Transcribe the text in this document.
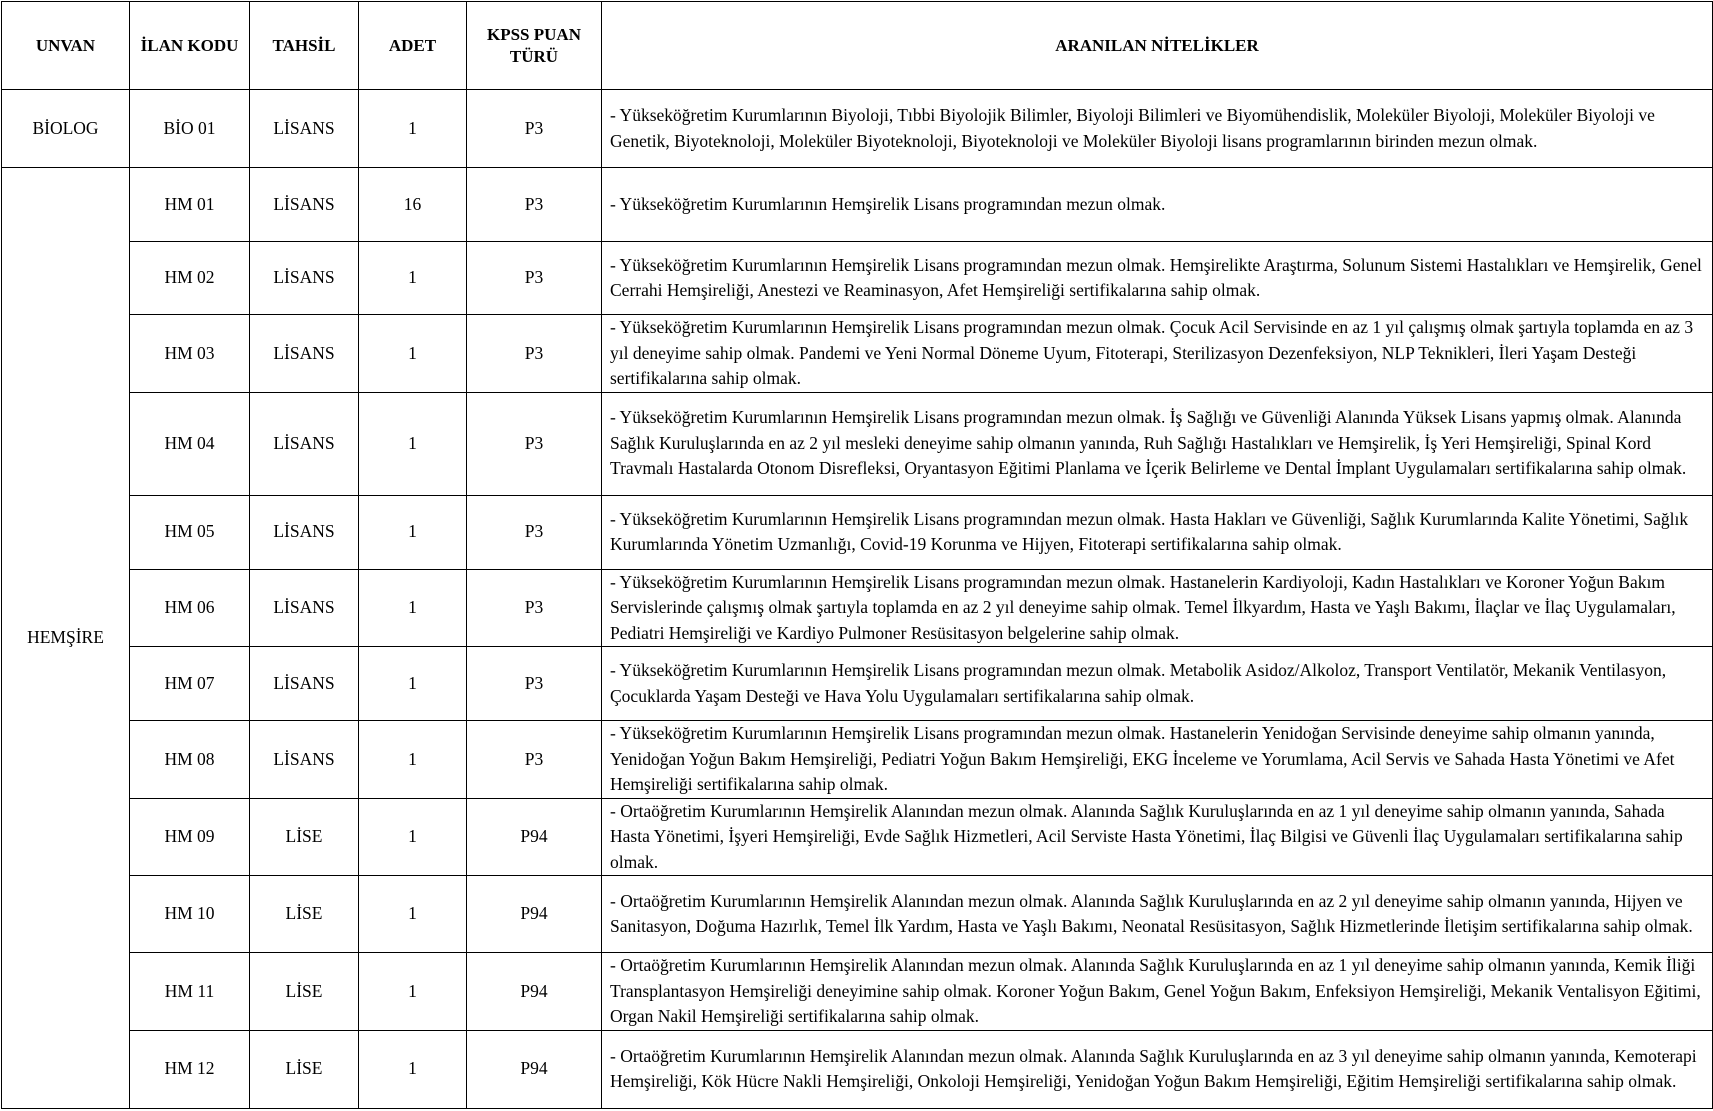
UNVAN	İLAN KODU	TAHSİL	ADET	KPSS PUAN TÜRÜ	ARANILAN NİTELİKLER
BİOLOG	BİO 01	LİSANS	1	P3	- Yükseköğretim Kurumlarının Biyoloji, Tıbbi Biyolojik Bilimler, Biyoloji Bilimleri ve Biyomühendislik, Moleküler Biyoloji, Moleküler Biyoloji ve Genetik, Biyoteknoloji, Moleküler Biyoteknoloji, Biyoteknoloji ve Moleküler Biyoloji lisans programlarının birinden mezun olmak.
HEMŞİRE	HM 01	LİSANS	16	P3	- Yükseköğretim Kurumlarının Hemşirelik Lisans programından mezun olmak.
	HM 02	LİSANS	1	P3	- Yükseköğretim Kurumlarının Hemşirelik Lisans programından mezun olmak. Hemşirelikte Araştırma, Solunum Sistemi Hastalıkları ve Hemşirelik, Genel Cerrahi Hemşireliği, Anestezi ve Reaminasyon, Afet Hemşireliği sertifikalarına sahip olmak.
	HM 03	LİSANS	1	P3	- Yükseköğretim Kurumlarının Hemşirelik Lisans programından mezun olmak. Çocuk Acil Servisinde en az 1 yıl çalışmış olmak şartıyla toplamda en az 3 yıl deneyime sahip olmak. Pandemi ve Yeni Normal Döneme Uyum, Fitoterapi, Sterilizasyon Dezenfeksiyon, NLP Teknikleri, İleri Yaşam Desteği sertifikalarına sahip olmak.
	HM 04	LİSANS	1	P3	- Yükseköğretim Kurumlarının Hemşirelik Lisans programından mezun olmak. İş Sağlığı ve Güvenliği Alanında Yüksek Lisans yapmış olmak. Alanında Sağlık Kuruluşlarında en az 2 yıl mesleki deneyime sahip olmanın yanında, Ruh Sağlığı Hastalıkları ve Hemşirelik, İş Yeri Hemşireliği, Spinal Kord Travmalı Hastalarda Otonom Disrefleksi, Oryantasyon Eğitimi Planlama ve İçerik Belirleme ve Dental İmplant Uygulamaları sertifikalarına sahip olmak.
	HM 05	LİSANS	1	P3	- Yükseköğretim Kurumlarının Hemşirelik Lisans programından mezun olmak. Hasta Hakları ve Güvenliği, Sağlık Kurumlarında Kalite Yönetimi, Sağlık Kurumlarında Yönetim Uzmanlığı, Covid-19 Korunma ve Hijyen, Fitoterapi sertifikalarına sahip olmak.
	HM 06	LİSANS	1	P3	- Yükseköğretim Kurumlarının Hemşirelik Lisans programından mezun olmak. Hastanelerin Kardiyoloji, Kadın Hastalıkları ve Koroner Yoğun Bakım Servislerinde çalışmış olmak şartıyla toplamda en az 2 yıl deneyime sahip olmak. Temel İlkyardım, Hasta ve Yaşlı Bakımı, İlaçlar ve İlaç Uygulamaları, Pediatri Hemşireliği ve Kardiyo Pulmoner Resüsitasyon belgelerine sahip olmak.
	HM 07	LİSANS	1	P3	- Yükseköğretim Kurumlarının Hemşirelik Lisans programından mezun olmak. Metabolik Asidoz/Alkoloz, Transport Ventilatör, Mekanik Ventilasyon, Çocuklarda Yaşam Desteği ve Hava Yolu Uygulamaları sertifikalarına sahip olmak.
	HM 08	LİSANS	1	P3	- Yükseköğretim Kurumlarının Hemşirelik Lisans programından mezun olmak. Hastanelerin Yenidoğan Servisinde deneyime sahip olmanın yanında, Yenidoğan Yoğun Bakım Hemşireliği, Pediatri Yoğun Bakım Hemşireliği, EKG İnceleme ve Yorumlama, Acil Servis ve Sahada Hasta Yönetimi ve Afet Hemşireliği sertifikalarına sahip olmak.
	HM 09	LİSE	1	P94	- Ortaöğretim Kurumlarının Hemşirelik Alanından mezun olmak. Alanında Sağlık Kuruluşlarında en az 1 yıl deneyime sahip olmanın yanında, Sahada Hasta Yönetimi, İşyeri Hemşireliği, Evde Sağlık Hizmetleri, Acil Serviste Hasta Yönetimi, İlaç Bilgisi ve Güvenli İlaç Uygulamaları sertifikalarına sahip olmak.
	HM 10	LİSE	1	P94	- Ortaöğretim Kurumlarının Hemşirelik Alanından mezun olmak. Alanında Sağlık Kuruluşlarında en az 2 yıl deneyime sahip olmanın yanında, Hijyen ve Sanitasyon, Doğuma Hazırlık, Temel İlk Yardım, Hasta ve Yaşlı Bakımı, Neonatal Resüsitasyon, Sağlık Hizmetlerinde İletişim sertifikalarına sahip olmak.
	HM 11	LİSE	1	P94	- Ortaöğretim Kurumlarının Hemşirelik Alanından mezun olmak. Alanında Sağlık Kuruluşlarında en az 1 yıl deneyime sahip olmanın yanında, Kemik İliği Transplantasyon Hemşireliği deneyimine sahip olmak. Koroner Yoğun Bakım, Genel Yoğun Bakım, Enfeksiyon Hemşireliği, Mekanik Ventalisyon Eğitimi, Organ Nakil Hemşireliği sertifikalarına sahip olmak.
	HM 12	LİSE	1	P94	- Ortaöğretim Kurumlarının Hemşirelik Alanından mezun olmak. Alanında Sağlık Kuruluşlarında en az 3 yıl deneyime sahip olmanın yanında, Kemoterapi Hemşireliği, Kök Hücre Nakli Hemşireliği, Onkoloji Hemşireliği, Yenidoğan Yoğun Bakım Hemşireliği, Eğitim Hemşireliği sertifikalarına sahip olmak.
